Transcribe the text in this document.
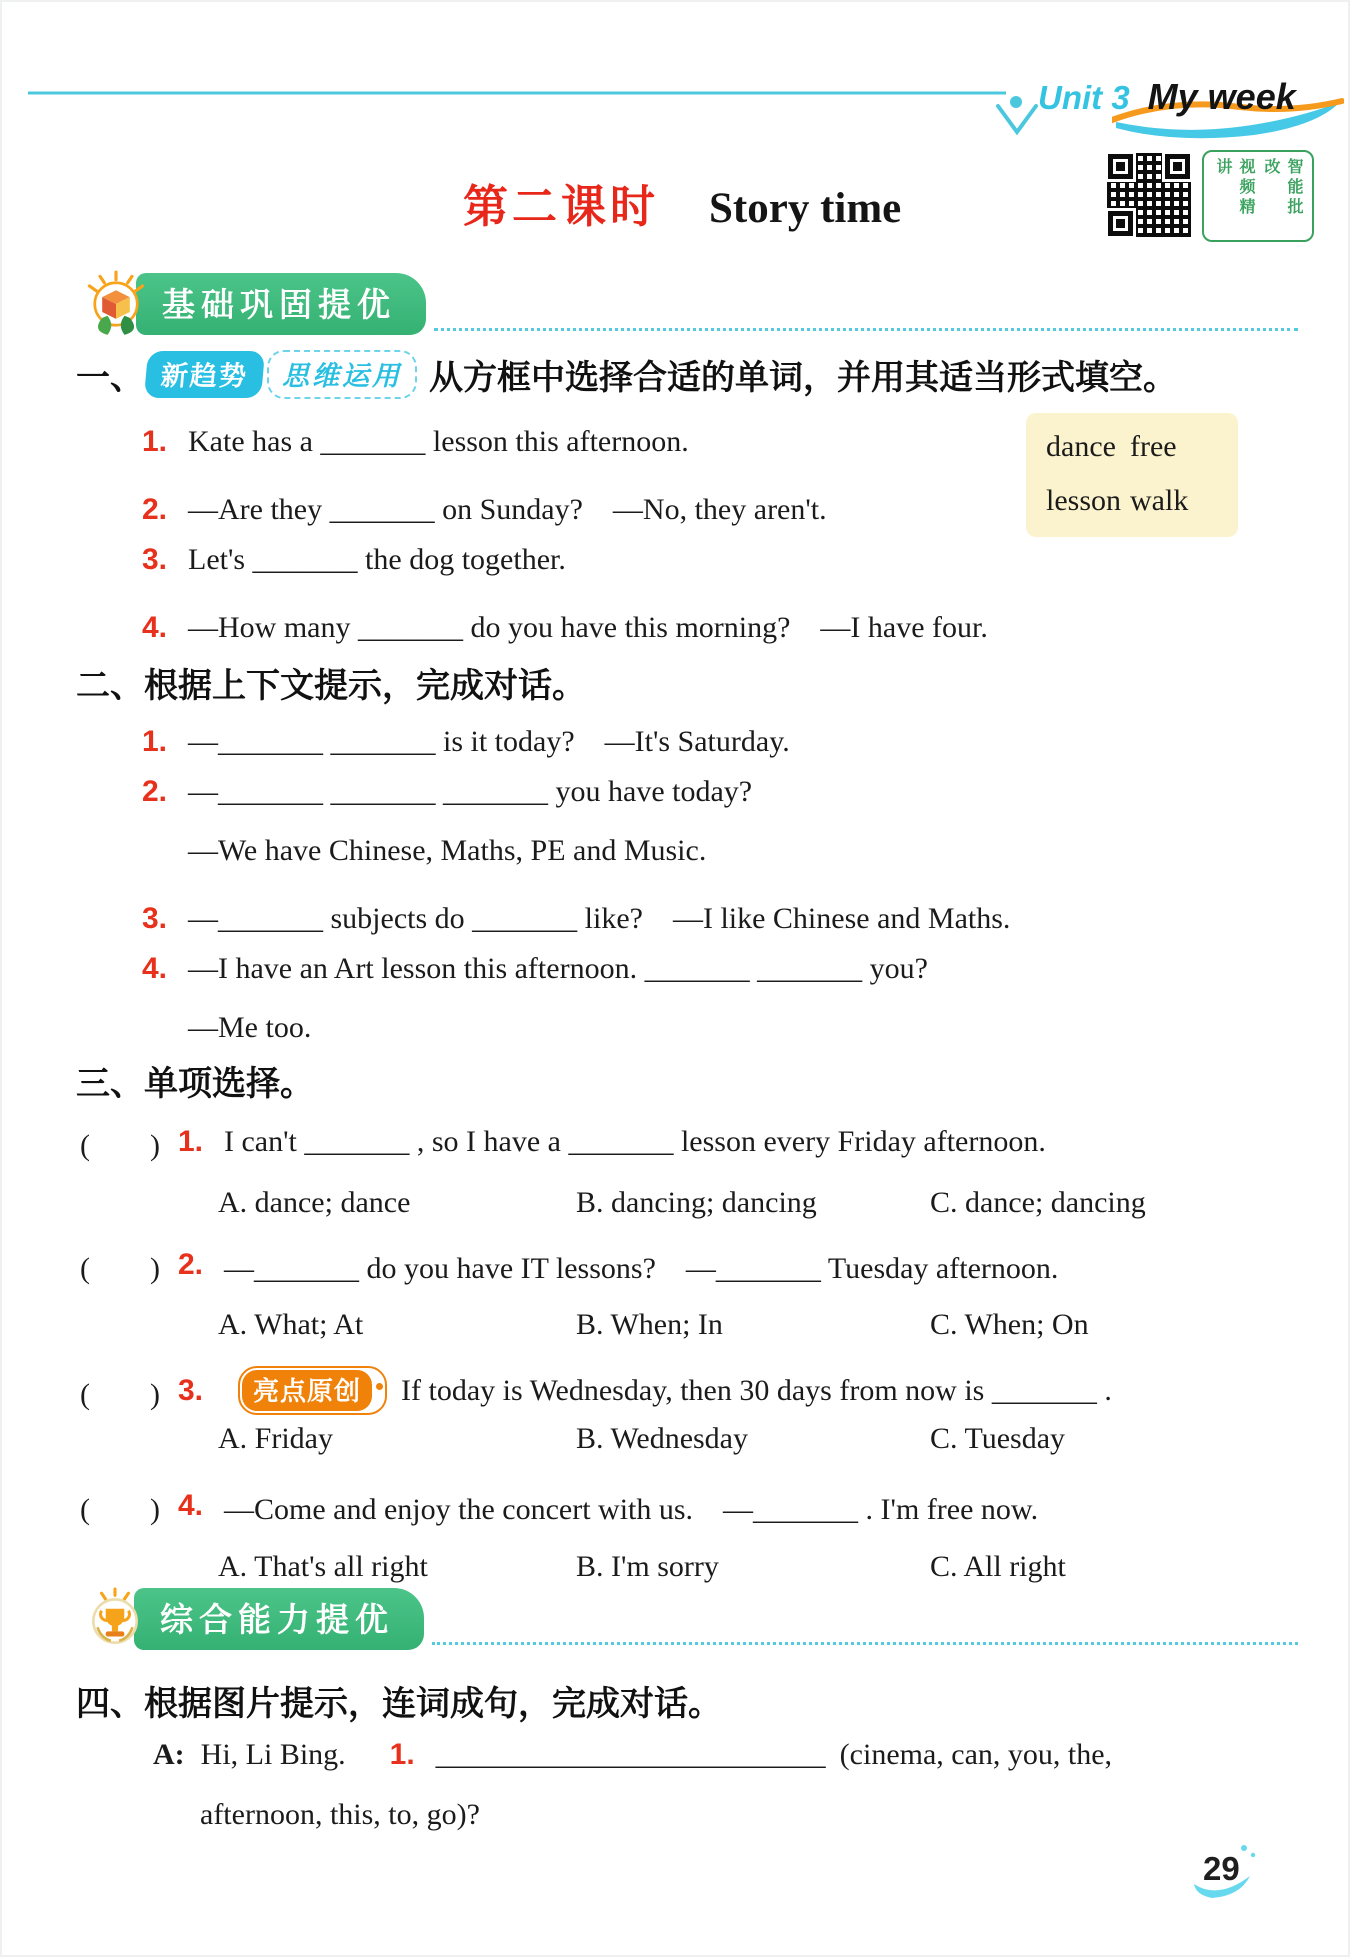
Unit 3 My week
第二课时 Story time	智能批改
视频精讲
基础巩固提优
一、 新趋势	思维运用 从方框中选择合适的单词，并用其适当形式填空。
dance free
lesson walk
1. Kate has a _______ lesson this afternoon.
2. —Are they _______ on Sunday?　—No, they aren't.
3. Let's _______ the dog together.
4. —How many _______ do you have this morning?　—I have four.
二、 根据上下文提示，完成对话。
1. —_______ _______ is it today?　—It's Saturday.
2. —_______ _______ _______ you have today?
—We have Chinese, Maths, PE and Music.
3. —_______ subjects do _______ like?　—I like Chinese and Maths.
4. —I have an Art lesson this afternoon. _______ _______ you?
—Me too.
三、 单项选择。
(　　) 1. I can't _______ , so I have a _______ lesson every Friday afternoon.
A. dance; dance	B. dancing; dancing	C. dance; dancing
(　　) 2. —_______ do you have IT lessons?　—_______ Tuesday afternoon.
A. What; At	B. When; In	C. When; On
(　　) 3.	亮点原创	If today is Wednesday, then 30 days from now is _______ .
A. Friday	B. Wednesday	C. Tuesday
(　　) 4. —Come and enjoy the concert with us.　—_______ . I'm free now.
A. That's all right	B. I'm sorry	C. All right
综合能力提优
四、 根据图片提示，连词成句，完成对话。
A: Hi, Li Bing. 1. __________________________ (cinema, can, you, the,
afternoon, this, to, go)?
29
